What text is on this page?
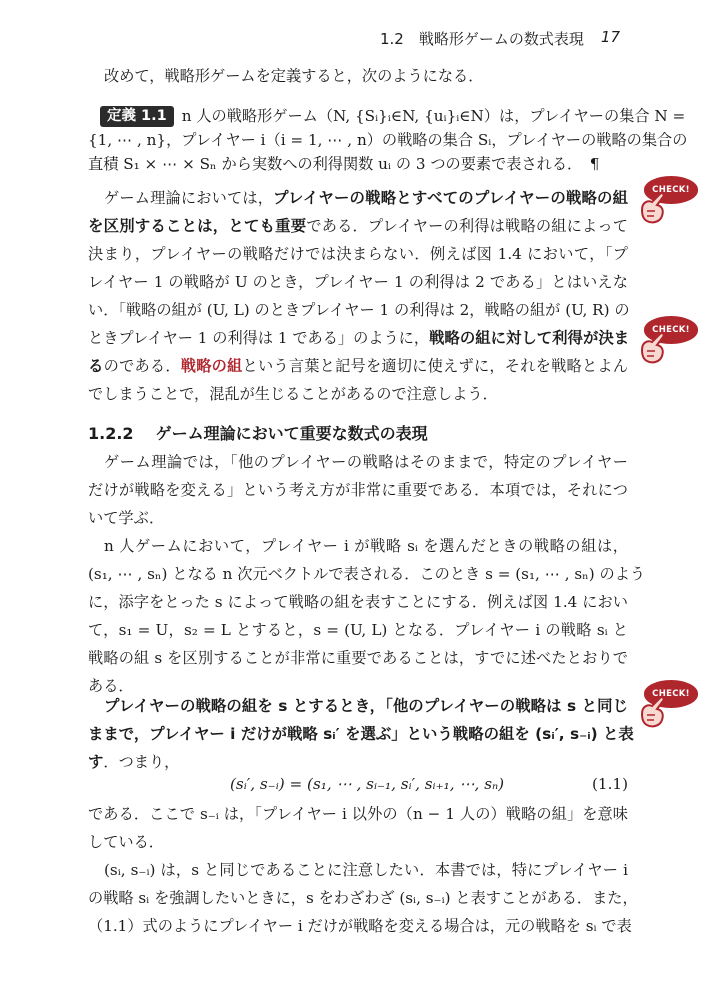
1.2　戦略形ゲームの数式表現 17
改めて，戦略形ゲームを定義すると，次のようになる．
定義 1.1 n 人の戦略形ゲーム（N, {Sᵢ}ᵢ∈N, {uᵢ}ᵢ∈N）は，プレイヤーの集合 N =
{1, ⋯ , n}，プレイヤー i（i = 1, ⋯ , n）の戦略の集合 Sᵢ，プレイヤーの戦略の集合の
直積 S₁ × ⋯ × Sₙ から実数への利得関数 uᵢ の 3 つの要素で表される．　¶
ゲーム理論においては，プレイヤーの戦略とすべてのプレイヤーの戦略の組
を区別することは，とても重要である．プレイヤーの利得は戦略の組によって
決まり，プレイヤーの戦略だけでは決まらない．例えば図 1.4 において，「プ
レイヤー 1 の戦略が U のとき，プレイヤー 1 の利得は 2 である」とはいえな
い．「戦略の組が (U, L) のときプレイヤー 1 の利得は 2，戦略の組が (U, R) の
ときプレイヤー 1 の利得は 1 である」のように，戦略の組に対して利得が決ま
るのである．戦略の組という言葉と記号を適切に使えずに，それを戦略とよん
でしまうことで，混乱が生じることがあるので注意しよう．
1.2.2 ゲーム理論において重要な数式の表現
ゲーム理論では，「他のプレイヤーの戦略はそのままで，特定のプレイヤー
だけが戦略を変える」という考え方が非常に重要である．本項では，それにつ
いて学ぶ．
n 人ゲームにおいて，プレイヤー i が戦略 sᵢ を選んだときの戦略の組は，
(s₁, ⋯ , sₙ) となる n 次元ベクトルで表される．このとき s = (s₁, ⋯ , sₙ) のよう
に，添字をとった s によって戦略の組を表すことにする．例えば図 1.4 におい
て，s₁ = U，s₂ = L とすると，s = (U, L) となる．プレイヤー i の戦略 sᵢ と
戦略の組 s を区別することが非常に重要であることは，すでに述べたとおりで
ある．
プレイヤーの戦略の組を s とするとき，「他のプレイヤーの戦略は s と同じ
ままで，プレイヤー i だけが戦略 sᵢ′ を選ぶ」という戦略の組を (sᵢ′, s₋ᵢ) と表
す．つまり，
(sᵢ′, s₋ᵢ) = (s₁, ⋯ , sᵢ₋₁, sᵢ′, sᵢ₊₁, ⋯, sₙ)	(1.1)
である．ここで s₋ᵢ は，「プレイヤー i 以外の（n − 1 人の）戦略の組」を意味
している．
(sᵢ, s₋ᵢ) は，s と同じであることに注意したい．本書では，特にプレイヤー i
の戦略 sᵢ を強調したいときに，s をわざわざ (sᵢ, s₋ᵢ) と表すことがある．また，
（1.1）式のようにプレイヤー i だけが戦略を変える場合は，元の戦略を sᵢ で表
CHECK!
CHECK!
CHECK!
